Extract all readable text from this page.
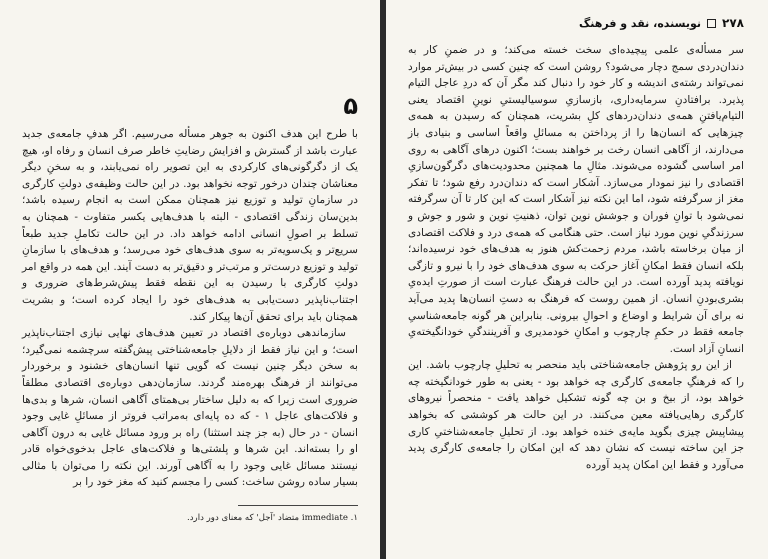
۵

با طرح این هدف اکنون به جوهر مسأله می‌رسیم. اگر هدفِ جامعه‌ی جدید عبارت باشد از گسترش و افزایش رضایتِ خاطر صرف انسان و رفاه او، هیچ یک از دگرگونی‌های کارکردی به این تصویر راه نمی‌یابند، و به سخنِ دیگر معنا‌شان چندان درخور توجه نخواهد بود. در این حالت وظیفه‌ی دولتِ کارگری در سازمانِ تولید و توزیع نیز همچنان ممکن است به انجام رسیده باشد؛ بدین‌سان زندگی اقتصادی - البته با هدف‌هایی یکسر متفاوت - همچنان به تسلط بر اصولِ انسانی ادامه خواهد داد. در این حالت تکاملِ جدید طبعاً سریع‌تر و یک‌سویه‌تر به سوی هدف‌های خود می‌رسد؛ و هدف‌های با سازمانِ تولید و توزیع درست‌تر و مرتب‌تر و دقیق‌تر به دست آیند. این همه در واقع امر دولتِ کارگری با رسیدن به این نقطه فقط پیش‌شرط‌های ضروری و اجتناب‌ناپذیر دست‌یابی به هدف‌های خود را ایجاد کرده است؛ و بشریت همچنان باید برای تحقق آن‌ها پیکار کند.

سازماندهی دوباره‌ی اقتصاد در تعیین هدف‌های نهایی نیازی اجتناب‌ناپذیر است؛ و این نیاز فقط از دلایلِ جامعه‌شناختی پیش‌گفته سرچشمه نمی‌گیرد؛ به سخن دیگر چنین نیست که گویی تنها انسان‌های خشنود و برخوردار می‌توانند از فرهنگ بهره‌مند گردند. سازمان‌دهی دوباره‌ی اقتصادی مطلقاً ضروری است زیرا که به دلیل ساختار بی‌همتای آگاهی انسان، شرها و بدی‌ها و فلاکت‌های عاجل ۱ - که ده پایه‌ای به‌مراتب فروتر از مسائلِ غایی وجود انسان - در حال (به جز چند استثنا) راه بر ورود مسائل غایی به درون آگاهی او را بسته‌اند. این شرها و پلشتی‌ها و فلاکت‌های عاجل بدخوی‌خواه قادر نیستند مسائل غایی وجود را به آگاهی آورند. این نکته را می‌توان با مثالی بسیار ساده روشن ساخت: کسی را مجسم کنید که مغز خود را بر

۱. immediate متضاد 'آجل' که معنای دور دارد.
۲۷۸
نویسنده، نقد و فرهنگ

سر مسأله‌ی علمی پیچیده‌ای سخت خسته می‌کند؛ و در ضمنِ کار به دندان‌دردی سمج دچار می‌شود؟ روشن است که چنین کسی در بیش‌تر موارد نمی‌تواند رشته‌ی اندیشه و کار خود را دنبال کند مگر آن که دردِ عاجل التیام پذیرد. برافتادنِ سرمایه‌داری، بازسازیِ سوسیالیستیِ نوینِ اقتصاد یعنی التیام‌یافتنِ همه‌ی دندان‌دردهای کلِ بشریت، همچنان که رسیدن به همه‌ی چیزهایی که انسان‌ها را از پرداختن به مسائلِ واقعاً اساسی و بنیادی باز می‌دارند، از آگاهی انسان رخت بر خواهند بست؛ اکنون درهای آگاهی به روی امر اساسی گشوده می‌شوند. مثالِ ما همچنین محدودیت‌های دگرگون‌سازیِ اقتصادی را نیز نمودار می‌سازد. آشکار است که دندان‌درد رفع شود؛ تا تفکر مغز از سرگرفته شود، اما این نکته نیز آشکار است که این کار تا آن سرگرفته نمی‌شود با توانِ فوران و جوشش نوین توان، ذهنیتِ نوین و شور و جوش و سرزندگیِ نوین مورد نیاز است. حتی هنگامی که همه‌ی درد و فلاکت اقتصادی از میان برخاسته باشد، مردم زحمت‌کش هنوز به هدف‌های خود نرسیده‌اند؛ بلکه انسان فقط امکانِ آغاز حرکت به سوی هدف‌های خود را با نیرو و تازگی نویافته پدید آورده است. در این حالت فرهنگ عبارت است از صورتِ ایده‌یِ بشری‌بودنِ انسان. از همین روست که فرهنگ به دستِ انسان‌ها پدید می‌آید نه برای آن شرایط و اوضاع و احوالِ بیرونی. بنابراین هر گونه جامعه‌شناسیِ جامعه فقط در حکمِ چارچوب و امکانِ خودمدیری و آفرینندگیِ خودانگیخته‌یِ انسانِ آزاد است.

از این رو پژوهش جامعه‌شناختی باید منحصر به تحلیلِ چارچوب باشد. این را که فرهنگِ جامعه‌ی کارگری چه خواهد بود - یعنی به طور خودانگیخته چه خواهد بود، از بیخ و بن چه گونه تشکیل خواهد یافت - منحصراً نیروهای کارگری رهایی‌یافته معین می‌کنند. در این حالت هر کوششی که بخواهد پیشاپیش چیزی بگوید مایه‌ی خنده خواهد بود. از تحلیلِ جامعه‌شناختیِ کاری جز این ساخته نیست که نشان دهد که این امکان را جامعه‌ی کارگری پدید می‌آورد و فقط این امکان پدید آورده
